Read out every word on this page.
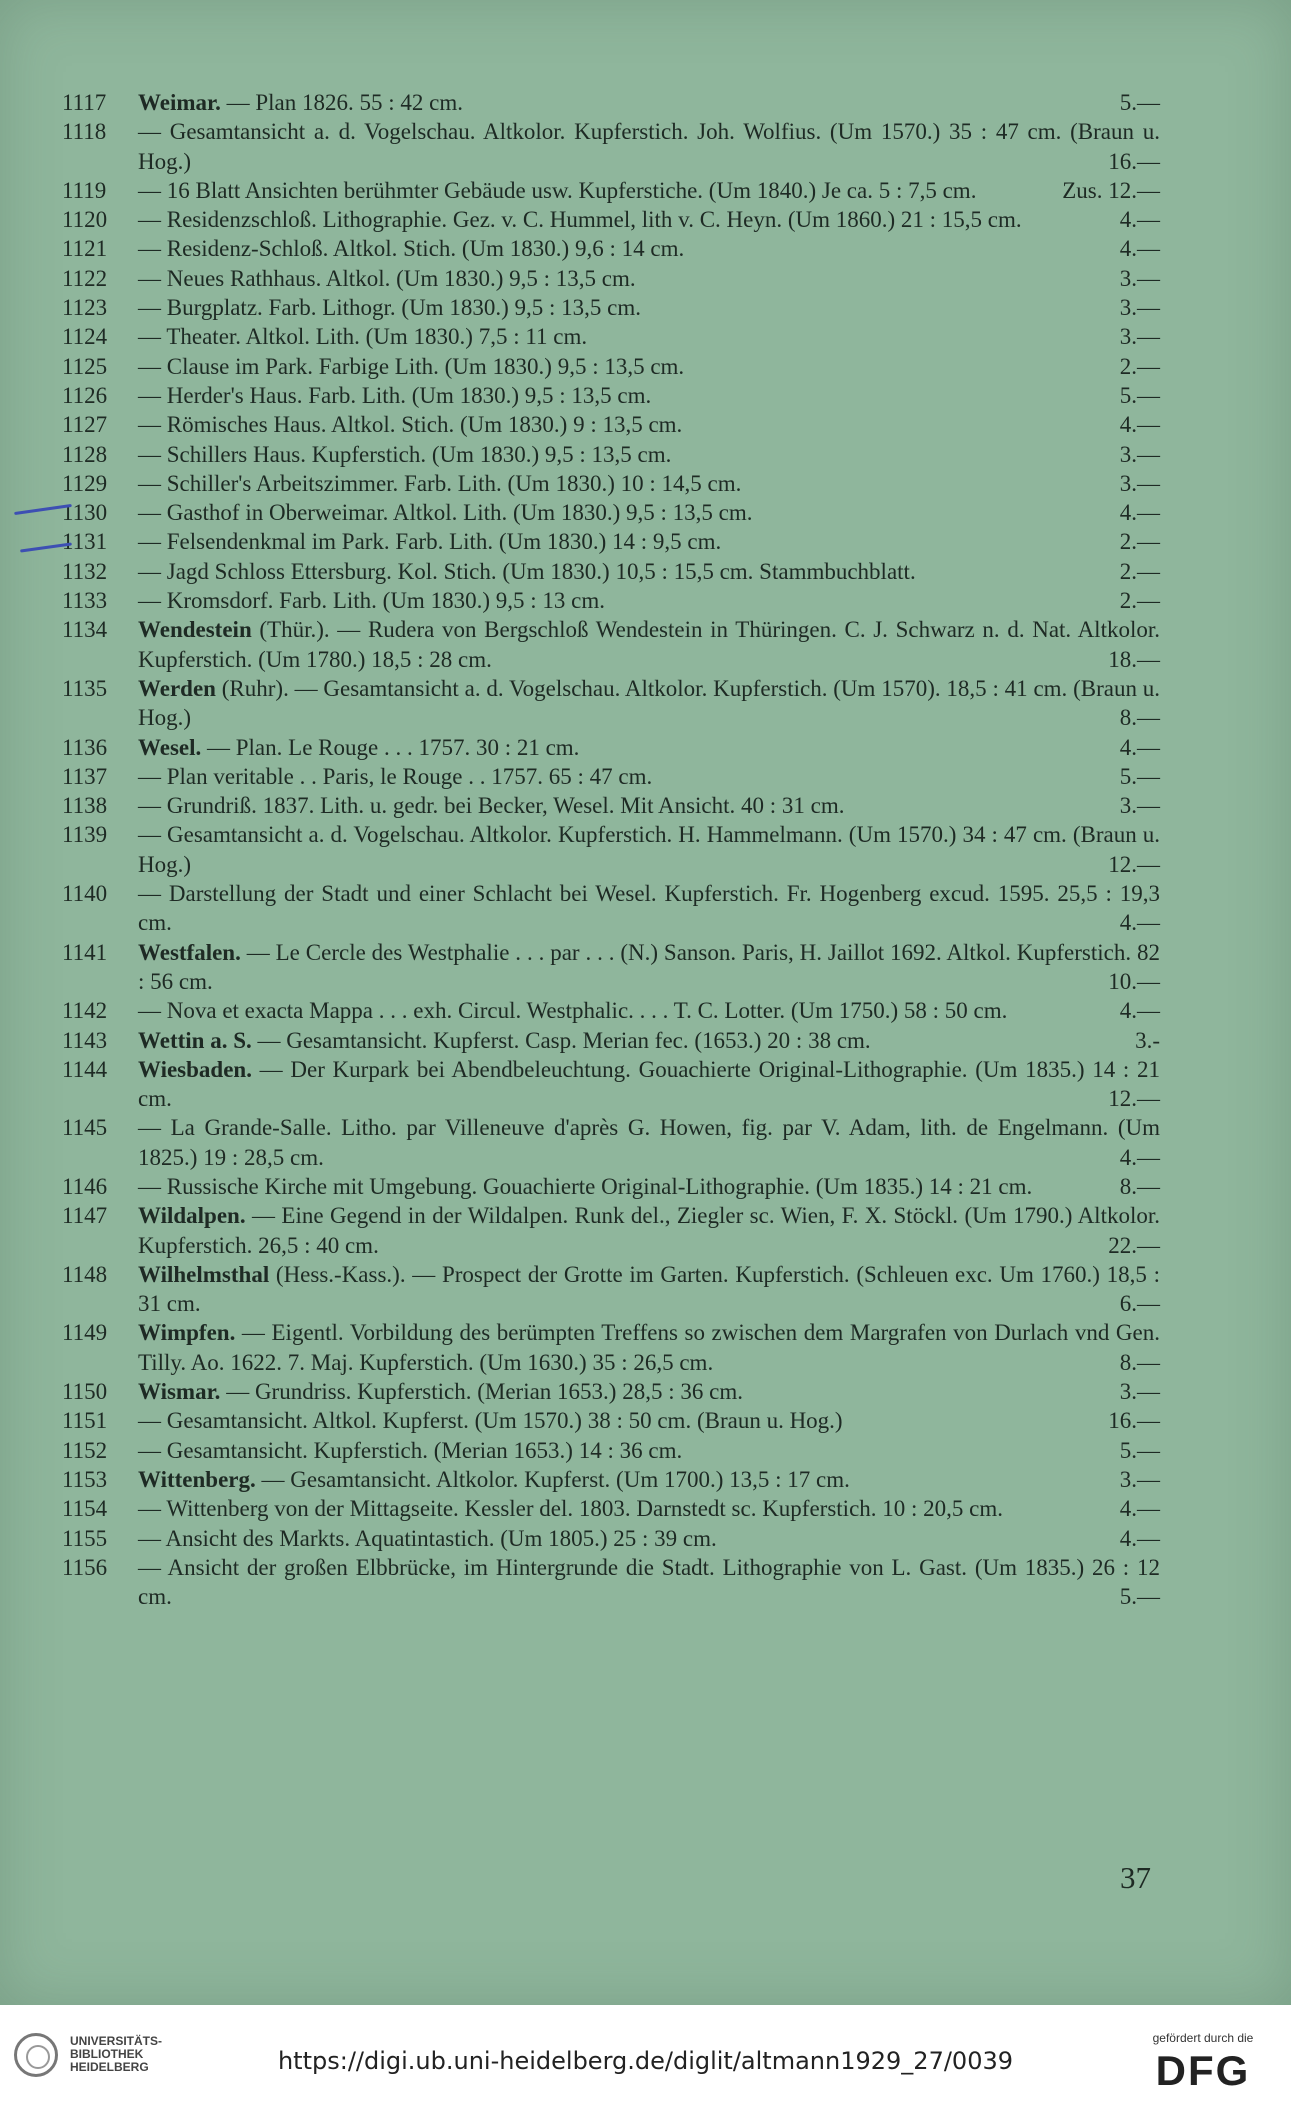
1117	Weimar. — Plan 1826. 55 : 42 cm.	5.—
1118	— Gesamtansicht a. d. Vogelschau. Altkolor. Kupferstich. Joh. Wolfius. (Um 1570.) 35 : 47 cm. (Braun u. Hog.)	16.—
1119	— 16 Blatt Ansichten berühmter Gebäude usw. Kupferstiche. (Um 1840.) Je ca. 5 : 7,5 cm.	Zus. 12.—
1120	— Residenzschloß. Lithographie. Gez. v. C. Hummel, lith v. C. Heyn. (Um 1860.) 21 : 15,5 cm.	4.—
1121	— Residenz-Schloß. Altkol. Stich. (Um 1830.) 9,6 : 14 cm.	4.—
1122	— Neues Rathhaus. Altkol. (Um 1830.) 9,5 : 13,5 cm.	3.—
1123	— Burgplatz. Farb. Lithogr. (Um 1830.) 9,5 : 13,5 cm.	3.—
1124	— Theater. Altkol. Lith. (Um 1830.) 7,5 : 11 cm.	3.—
1125	— Clause im Park. Farbige Lith. (Um 1830.) 9,5 : 13,5 cm.	2.—
1126	— Herder's Haus. Farb. Lith. (Um 1830.) 9,5 : 13,5 cm.	5.—
1127	— Römisches Haus. Altkol. Stich. (Um 1830.) 9 : 13,5 cm.	4.—
1128	— Schillers Haus. Kupferstich. (Um 1830.) 9,5 : 13,5 cm.	3.—
1129	— Schiller's Arbeitszimmer. Farb. Lith. (Um 1830.) 10 : 14,5 cm.	3.—
1130	— Gasthof in Oberweimar. Altkol. Lith. (Um 1830.) 9,5 : 13,5 cm.	4.—
1131	— Felsendenkmal im Park. Farb. Lith. (Um 1830.) 14 : 9,5 cm.	2.—
1132	— Jagd Schloss Ettersburg. Kol. Stich. (Um 1830.) 10,5 : 15,5 cm. Stammbuchblatt.	2.—
1133	— Kromsdorf. Farb. Lith. (Um 1830.) 9,5 : 13 cm.	2.—
1134	Wendestein (Thür.). — Rudera von Bergschloß Wendestein in Thüringen. C. J. Schwarz n. d. Nat. Altkolor. Kupferstich. (Um 1780.) 18,5 : 28 cm.	18.—
1135	Werden (Ruhr). — Gesamtansicht a. d. Vogelschau. Altkolor. Kupferstich. (Um 1570). 18,5 : 41 cm. (Braun u. Hog.)	8.—
1136	Wesel. — Plan. Le Rouge . . . 1757. 30 : 21 cm.	4.—
1137	— Plan veritable . . Paris, le Rouge . . 1757. 65 : 47 cm.	5.—
1138	— Grundriß. 1837. Lith. u. gedr. bei Becker, Wesel. Mit Ansicht. 40 : 31 cm.	3.—
1139	— Gesamtansicht a. d. Vogelschau. Altkolor. Kupferstich. H. Hammelmann. (Um 1570.) 34 : 47 cm. (Braun u. Hog.)	12.—
1140	— Darstellung der Stadt und einer Schlacht bei Wesel. Kupferstich. Fr. Hogenberg excud. 1595. 25,5 : 19,3 cm.	4.—
1141	Westfalen. — Le Cercle des Westphalie . . . par . . . (N.) Sanson. Paris, H. Jaillot 1692. Altkol. Kupferstich. 82 : 56 cm.	10.—
1142	— Nova et exacta Mappa . . . exh. Circul. Westphalic. . . . T. C. Lotter. (Um 1750.) 58 : 50 cm.	4.—
1143	Wettin a. S. — Gesamtansicht. Kupferst. Casp. Merian fec. (1653.) 20 : 38 cm.	3.-
1144	Wiesbaden. — Der Kurpark bei Abendbeleuchtung. Gouachierte Original-Lithographie. (Um 1835.) 14 : 21 cm.	12.—
1145	— La Grande-Salle. Litho. par Villeneuve d'après G. Howen, fig. par V. Adam, lith. de Engelmann. (Um 1825.) 19 : 28,5 cm.	4.—
1146	— Russische Kirche mit Umgebung. Gouachierte Original-Lithographie. (Um 1835.) 14 : 21 cm.	8.—
1147	Wildalpen. — Eine Gegend in der Wildalpen. Runk del., Ziegler sc. Wien, F. X. Stöckl. (Um 1790.) Altkolor. Kupferstich. 26,5 : 40 cm.	22.—
1148	Wilhelmsthal (Hess.-Kass.). — Prospect der Grotte im Garten. Kupferstich. (Schleuen exc. Um 1760.) 18,5 : 31 cm.	6.—
1149	Wimpfen. — Eigentl. Vorbildung des berümpten Treffens so zwischen dem Margrafen von Durlach vnd Gen. Tilly. Ao. 1622. 7. Maj. Kupferstich. (Um 1630.) 35 : 26,5 cm.	8.—
1150	Wismar. — Grundriss. Kupferstich. (Merian 1653.) 28,5 : 36 cm.	3.—
1151	— Gesamtansicht. Altkol. Kupferst. (Um 1570.) 38 : 50 cm. (Braun u. Hog.)	16.—
1152	— Gesamtansicht. Kupferstich. (Merian 1653.) 14 : 36 cm.	5.—
1153	Wittenberg. — Gesamtansicht. Altkolor. Kupferst. (Um 1700.) 13,5 : 17 cm.	3.—
1154	— Wittenberg von der Mittagseite. Kessler del. 1803. Darnstedt sc. Kupferstich. 10 : 20,5 cm.	4.—
1155	— Ansicht des Markts. Aquatintastich. (Um 1805.) 25 : 39 cm.	4.—
1156	— Ansicht der großen Elbbrücke, im Hintergrunde die Stadt. Lithographie von L. Gast. (Um 1835.) 26 : 12 cm.	5.—
37
UNIVERSITÄTS-
BIBLIOTHEK
HEIDELBERG	https://digi.ub.uni-heidelberg.de/diglit/altmann1929_27/0039
gefördert durch die
DFG
